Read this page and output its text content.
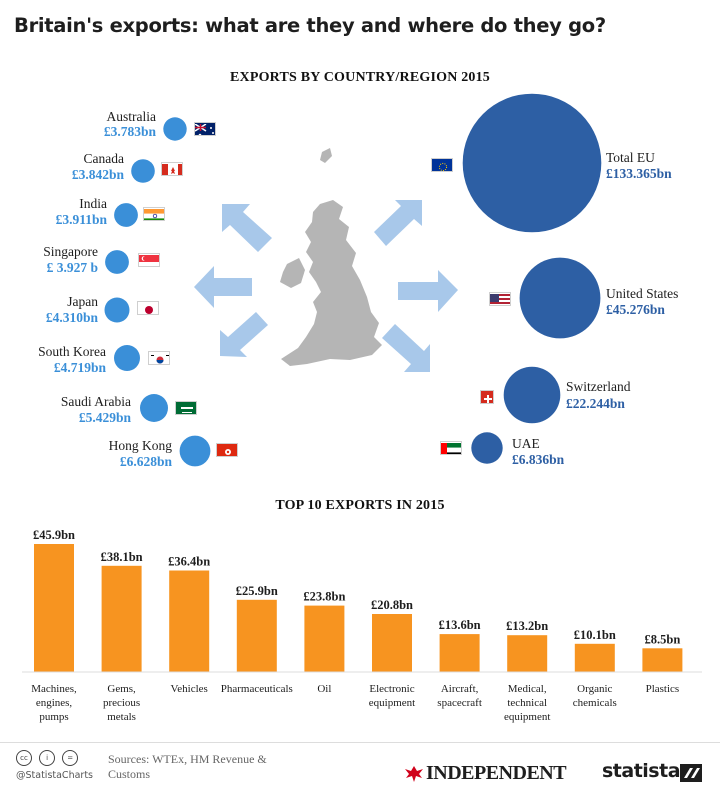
Britain's exports: what are they and where do they go?
EXPORTS BY COUNTRY/REGION 2015
TOP 10 EXPORTS IN 2015
£45.9bn
£38.1bn £36.4bn
£25.9bn £23.8bn
£20.8bn
£13.6bn £13.2bn
£10.1bn £8.5bn
Australia
£3.783bn
Canada
£3.842bn
India
£3.911bn
Singapore
£ 3.927 b
Japan
£4.310bn
South Korea
£4.719bn
Saudi Arabia
£5.429bn
Hong Kong
£6.628bn
Total EU
£133.365bn
United States
£45.276bn
Switzerland
£22.244bn
UAE
£6.836bn
Machines,
engines,
pumps
Gems,
precious
metals
Vehicles	Pharmaceuticals	Oil	Electronic
equipment
Aircraft,
spacecraft
Medical,
technical
equipment
Organic
chemicals
Plastics
cc	i	=
@StatistaCharts
Sources: WTEx, HM Revenue & Customs	INDEPENDENT statista
